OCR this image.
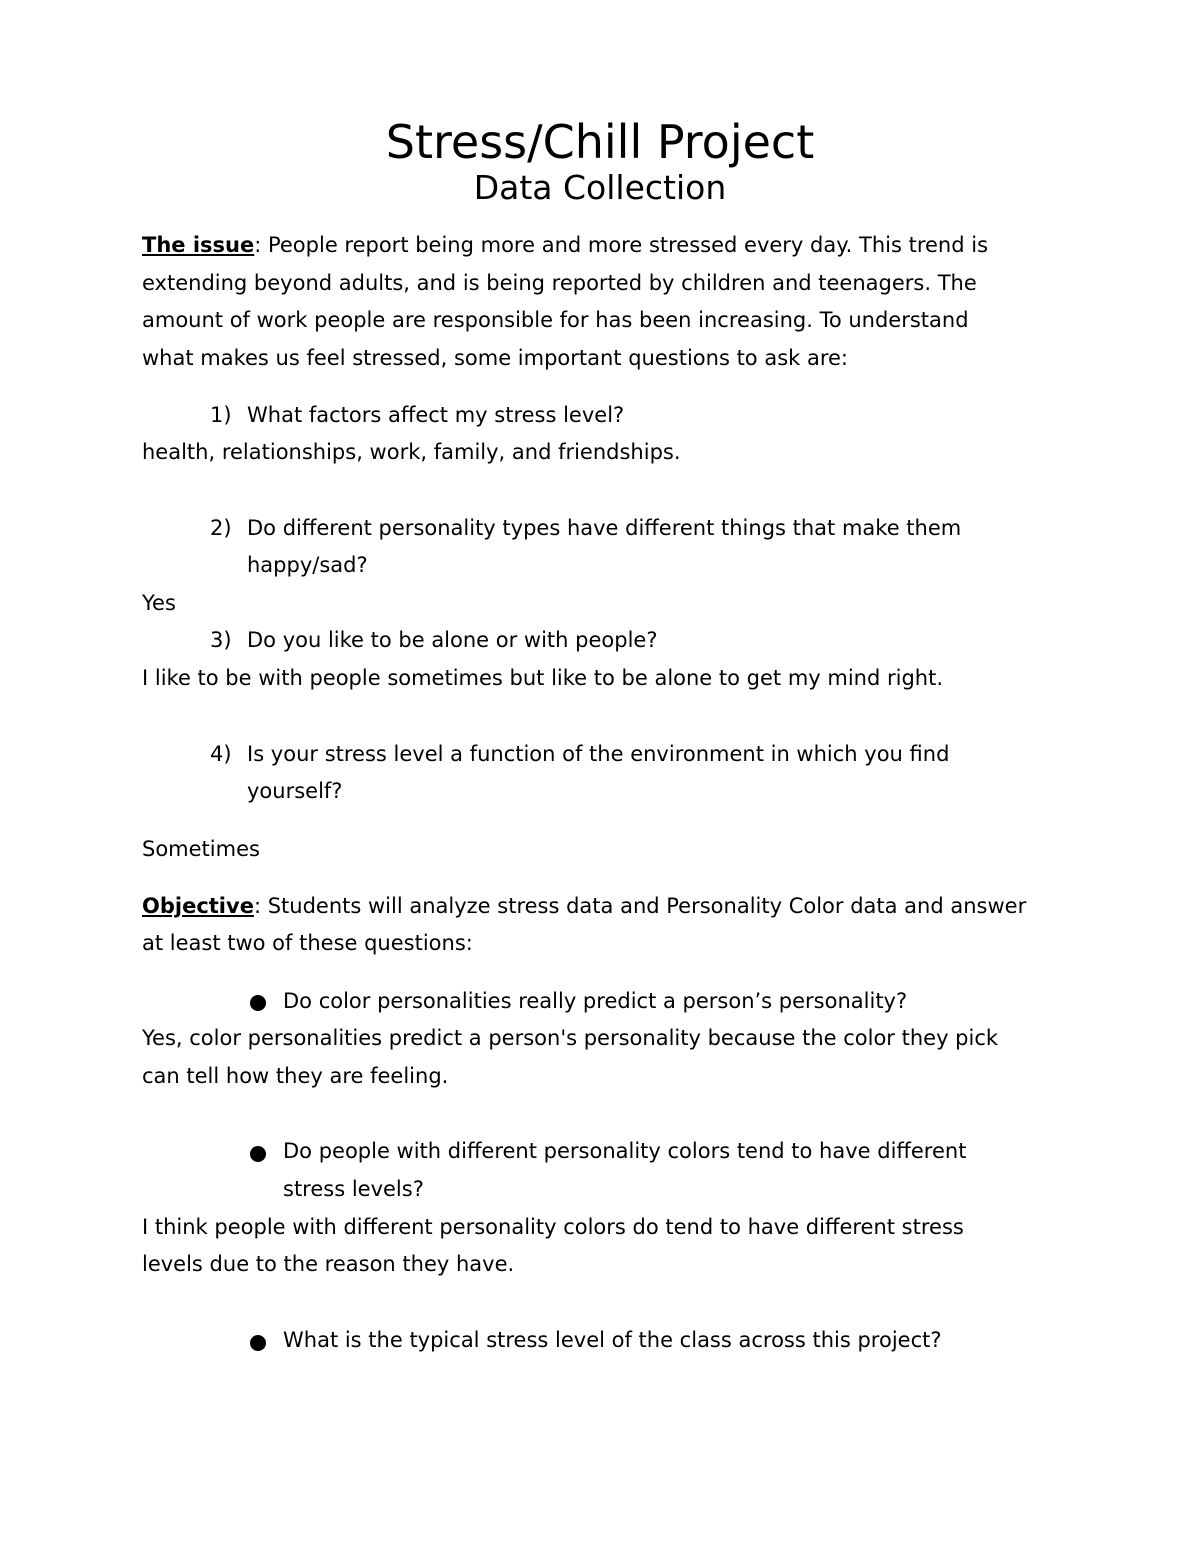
Stress/Chill Project
Data Collection
The issue: People report being more and more stressed every day. This trend is
extending beyond adults, and is being reported by children and teenagers. The
amount of work people are responsible for has been increasing. To understand
what makes us feel stressed, some important questions to ask are:
1) What factors affect my stress level?
health, relationships, work, family, and friendships.
2) Do different personality types have different things that make them
happy/sad?
Yes
3) Do you like to be alone or with people?
I like to be with people sometimes but like to be alone to get my mind right.
4) Is your stress level a function of the environment in which you find
yourself?
Sometimes
Objective: Students will analyze stress data and Personality Color data and answer
at least two of these questions:
Do color personalities really predict a person’s personality?
Yes, color personalities predict a person's personality because the color they pick
can tell how they are feeling.
Do people with different personality colors tend to have different
stress levels?
I think people with different personality colors do tend to have different stress
levels due to the reason they have.
What is the typical stress level of the class across this project?
